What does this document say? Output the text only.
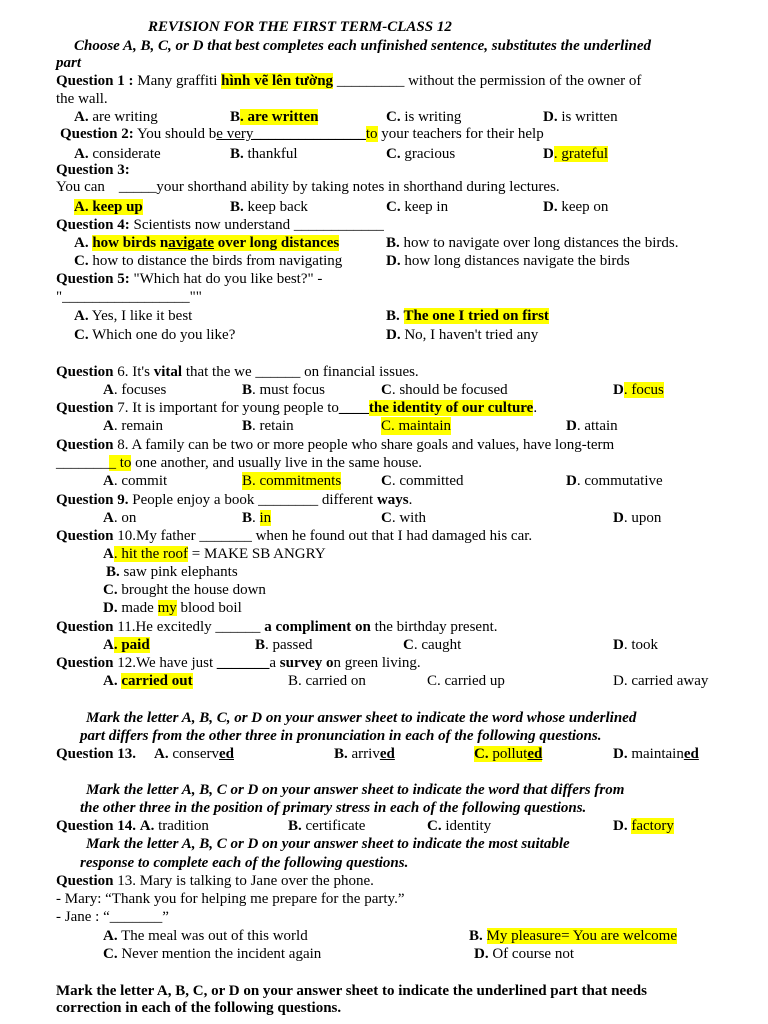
REVISION FOR THE FIRST TERM-CLASS 12
Choose A, B, C, or D that best completes each unfinished sentence, substitutes the underlined
part
Question 1 : Many graffiti hình vẽ lên tường _________ without the permission of the owner of
the wall.
A. are writing	B. are written	C. is writing	D. is written
Question 2: You should be very_______________to your teachers for their help
A. considerate	B. thankful	C. gracious	D. grateful
Question 3:
You can _____your shorthand ability by taking notes in shorthand during lectures.
A. keep up	B. keep back	C. keep in	D. keep on
Question 4: Scientists now understand ____________
A. how birds navigate over long distances	B. how to navigate over long distances the birds.
C. how to distance the birds from navigating	D. how long distances navigate the birds
Question 5: "Which hat do you like best?" -
"_________________""
A. Yes, I like it best	B. The one I tried on first
C. Which one do you like?	D. No, I haven't tried any
Question 6. It's vital that the we ______ on financial issues.
A. focuses	B. must focus	C. should be focused	D. focus
Question 7. It is important for young people to____the identity of our culture.
A. remain	B. retain	C. maintain	D. attain
Question 8. A family can be two or more people who share goals and values, have long-term
________ to one another, and usually live in the same house.
A. commit	B. commitments	C. committed	D. commutative
Question 9. People enjoy a book ________ different ways.
A. on	B. in	C. with	D. upon
Question 10.My father _______ when he found out that I had damaged his car.
A. hit the roof = MAKE SB ANGRY
B. saw pink elephants
C. brought the house down
D. made my blood boil
Question 11.He excitedly ______ a compliment on the birthday present.
A. paid	B. passed	C. caught	D. took
Question 12.We have just _______a survey on green living.
A. carried out	B. carried on	C. carried up	D. carried away
Mark the letter A, B, C, or D on your answer sheet to indicate the word whose underlined
part differs from the other three in pronunciation in each of the following questions.
Question 13. A. conserved	B. arrived	C. polluted	D. maintained
Mark the letter A, B, C or D on your answer sheet to indicate the word that differs from
the other three in the position of primary stress in each of the following questions.
Question 14. A. tradition	B. certificate	C. identity	D. factory
Mark the letter A, B, C or D on your answer sheet to indicate the most suitable
response to complete each of the following questions.
Question 13. Mary is talking to Jane over the phone.
- Mary: “Thank you for helping me prepare for the party.”
- Jane : “_______”
A. The meal was out of this world	B. My pleasure= You are welcome
C. Never mention the incident again	D. Of course not
Mark the letter A, B, C, or D on your answer sheet to indicate the underlined part that needs
correction in each of the following questions.
